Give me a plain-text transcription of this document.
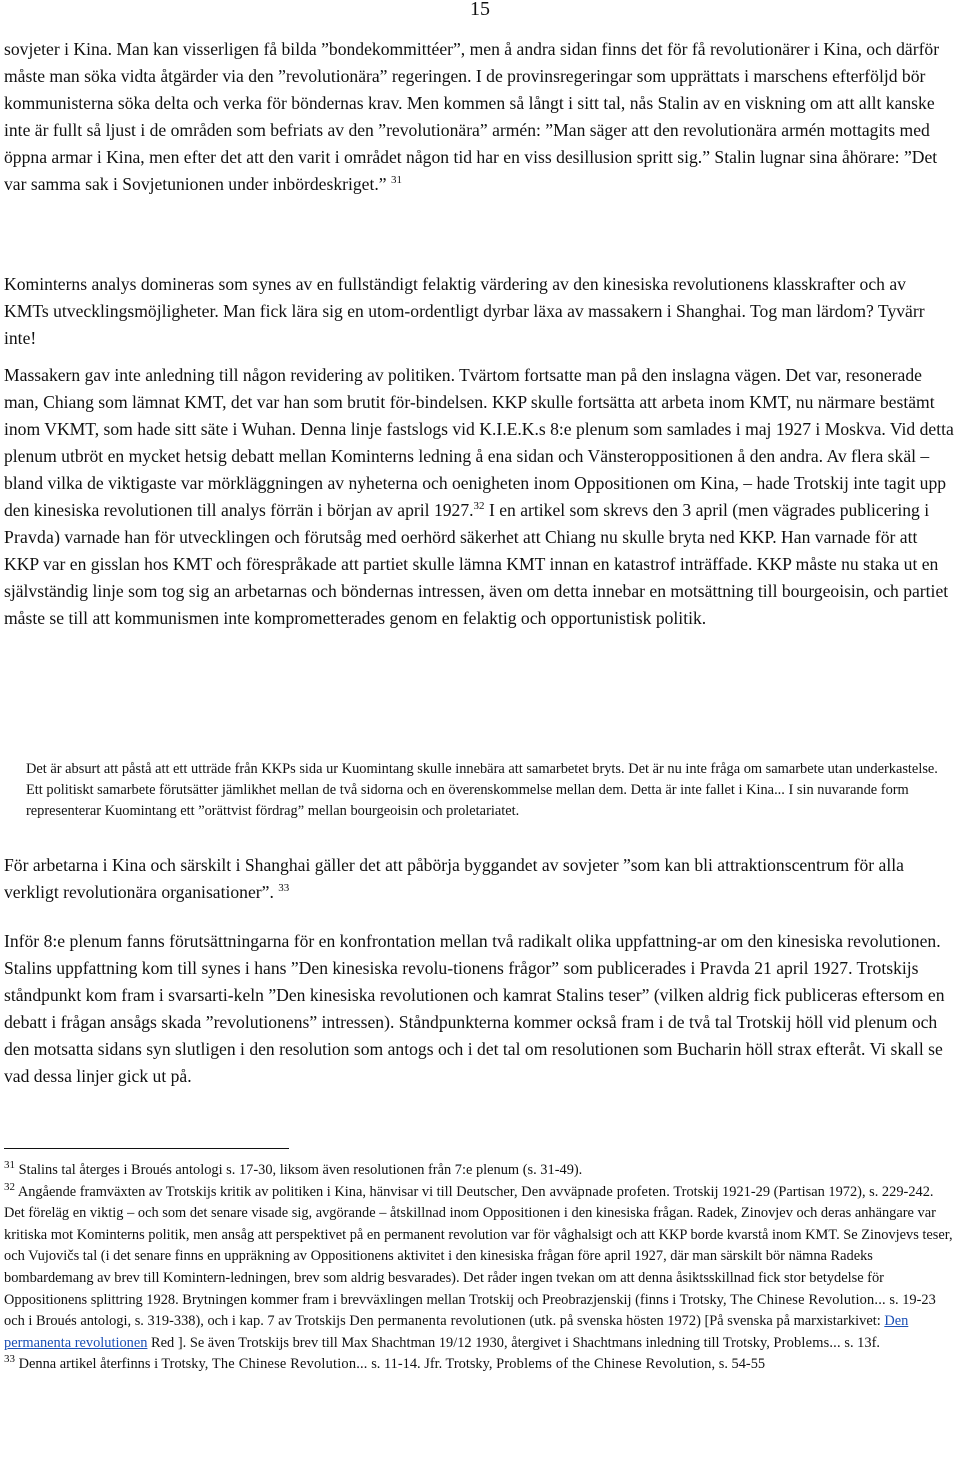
15

sovjeter i Kina. Man kan visserligen få bilda ”bondekommittéer”, men å andra sidan finns det för få revolutionärer i Kina, och därför måste man söka vidta åtgärder via den ”revolutionära” regeringen. I de provinsregeringar som upprättats i marschens efterföljd bör kommunisterna söka delta och verka för böndernas krav. Men kommen så långt i sitt tal, nås Stalin av en viskning om att allt kanske inte är fullt så ljust i de områden som befriats av den ”revolutionära” armén: ”Man säger att den revolutionära armén mottagits med öppna armar i Kina, men efter det att den varit i området någon tid har en viss desillusion spritt sig.” Stalin lugnar sina åhörare: ”Det var samma sak i Sovjetunionen under inbördeskriget.” $^{31}$

Kominterns analys domineras som synes av en fullständigt felaktig värdering av den kinesiska revolutionens klasskrafter och av KMTs utvecklingsmöjligheter. Man fick lära sig en utom-ordentligt dyrbar läxa av massakern i Shanghai. Tog man lärdom? Tyvärr inte!

Massakern gav inte anledning till någon revidering av politiken. Tvärtom fortsatte man på den inslagna vägen. Det var, resonerade man, Chiang som lämnat KMT, det var han som brutit för-bindelsen. KKP skulle fortsätta att arbeta inom KMT, nu närmare bestämt inom VKMT, som hade sitt säte i Wuhan. Denna linje fastslogs vid K.I.E.K.s 8:e plenum som samlades i maj 1927 i Moskva. Vid detta plenum utbröt en mycket hetsig debatt mellan Kominterns ledning å ena sidan och Vänsteroppositionen å den andra. Av flera skäl – bland vilka de viktigaste var mörkläggningen av nyheterna och oenigheten inom Oppositionen om Kina, – hade Trotskij inte tagit upp den kinesiska revolutionen till analys förrän i början av april 1927.32 I en artikel som skrevs den 3 april (men vägrades publicering i Pravda) varnade han för utvecklingen och förutsåg med oerhörd säkerhet att Chiang nu skulle bryta ned KKP. Han varnade för att KKP var en gisslan hos KMT och förespråkade att partiet skulle lämna KMT innan en katastrof inträffade. KKP måste nu staka ut en självständig linje som tog sig an arbetarnas och böndernas intressen, även om detta innebar en motsättning till bourgeoisin, och partiet måste se till att kommunismen inte komprometterades genom en felaktig och opportunistisk politik.

Det är absurt att påstå att ett utträde från KKPs sida ur Kuomintang skulle innebära att samarbetet bryts. Det är nu inte fråga om samarbete utan underkastelse. Ett politiskt samarbete förutsätter jämlikhet mellan de två sidorna och en överenskommelse mellan dem. Detta är inte fallet i Kina... I sin nuvarande form representerar Kuomintang ett ”orättvist fördrag” mellan bourgeoisin och proletariatet.

För arbetarna i Kina och särskilt i Shanghai gäller det att påbörja byggandet av sovjeter ”som kan bli attraktionscentrum för alla verkligt revolutionära organisationer”. $^{33}$

Inför 8:e plenum fanns förutsättningarna för en konfrontation mellan två radikalt olika uppfattning-ar om den kinesiska revolutionen. Stalins uppfattning kom till synes i hans ”Den kinesiska revolu-tionens frågor” som publicerades i Pravda 21 april 1927. Trotskijs ståndpunkt kom fram i svarsarti-keln ”Den kinesiska revolutionen och kamrat Stalins teser” (vilken aldrig fick publiceras eftersom en debatt i frågan ansågs skada ”revolutionens” intressen). Ståndpunkterna kommer också fram i de två tal Trotskij höll vid plenum och den motsatta sidans syn slutligen i den resolution som antogs och i det tal om resolutionen som Bucharin höll strax efteråt. Vi skall se vad dessa linjer gick ut på.

$^{31}$ Stalins tal återges i Broués antologi s. 17-30, liksom även resolutionen från 7:e plenum (s. 31-49).

$^{32}$ Angående framväxten av Trotskijs kritik av politiken i Kina, hänvisar vi till Deutscher, Den avväpnade profeten. Trotskij 1921-29 (Partisan 1972), s. 229-242. Det föreläg en viktig – och som det senare visade sig, avgörande – åtskillnad inom Oppositionen i den kinesiska frågan. Radek, Zinovjev och deras anhängare var kritiska mot Kominterns politik, men ansåg att perspektivet på en permanent revolution var för våghalsigt och att KKP borde kvarstå inom KMT. Se Zinovjevs teser, och Vujovičs tal (i det senare finns en uppräkning av Oppositionens aktivitet i den kinesiska frågan före april 1927, där man särskilt bör nämna Radeks bombardemang av brev till Komintern-ledningen, brev som aldrig besvarades). Det råder ingen tvekan om att denna åsiktsskillnad fick stor betydelse för Oppositionens splittring 1928. Brytningen kommer fram i brevväxlingen mellan Trotskij och Preobrazjenskij (finns i Trotsky, The Chinese Revolution... s. 19-23 och i Broués antologi, s. 319-338), och i kap. 7 av Trotskijs Den permanenta revolutionen (utk. på svenska hösten 1972) [På svenska på marxistarkivet: Den permanenta revolutionen Red ]. Se även Trotskijs brev till Max Shachtman 19/12 1930, återgivet i Shachtmans inledning till Trotsky, Problems... s. 13f.

$^{33}$ Denna artikel återfinns i Trotsky, The Chinese Revolution... s. 11-14. Jfr. Trotsky, Problems of the Chinese Revolution, s. 54-55
